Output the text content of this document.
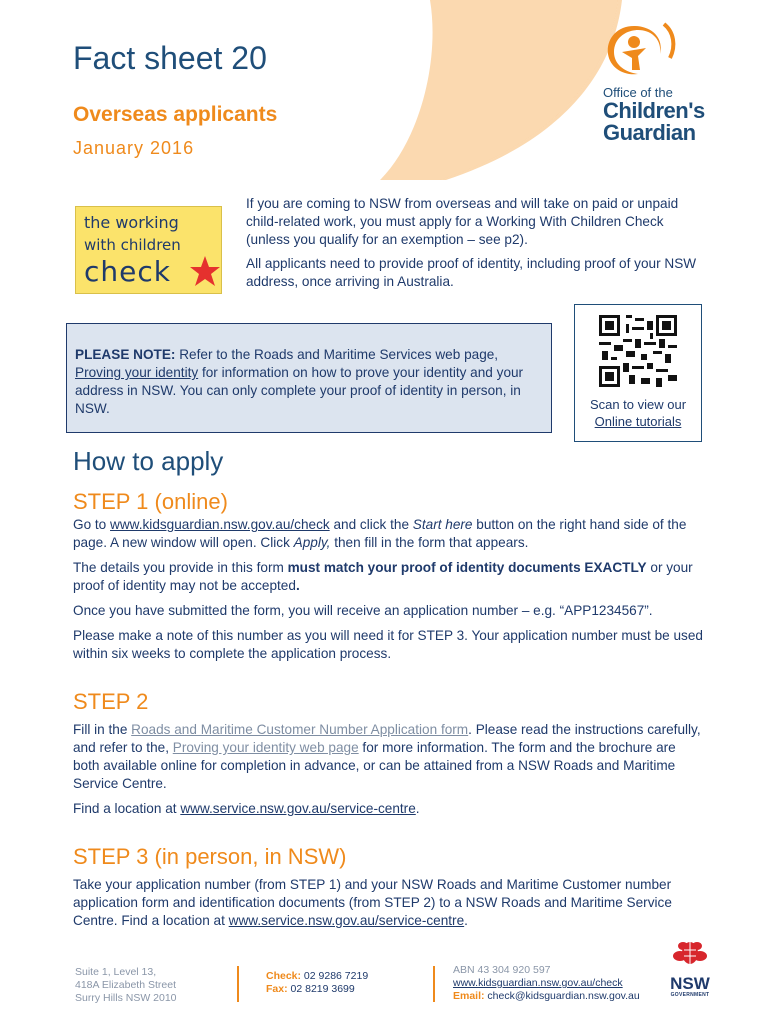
Fact sheet 20
Overseas applicants
January 2016
Office of the
Children's
Guardian
the working
with children
check

If you are coming to NSW from overseas and will take on paid or unpaid child-related work, you must apply for a Working With Children Check (unless you qualify for an exemption – see p2).

All applicants need to provide proof of identity, including proof of your NSW address, once arriving in Australia.

PLEASE NOTE: Refer to the Roads and Maritime Services web page, Proving your identity for information on how to prove your identity and your address in NSW. You can only complete your proof of identity in person, in NSW.	Scan to view our
Online tutorials
How to apply
STEP 1 (online)

Go to www.kidsguardian.nsw.gov.au/check and click the Start here button on the right hand side of the page. A new window will open. Click Apply, then fill in the form that appears.

The details you provide in this form must match your proof of identity documents EXACTLY or your proof of identity may not be accepted.

Once you have submitted the form, you will receive an application number – e.g. “APP1234567”.

Please make a note of this number as you will need it for STEP 3. Your application number must be used within six weeks to complete the application process.

STEP 2

Fill in the Roads and Maritime Customer Number Application form. Please read the instructions carefully, and refer to the, Proving your identity web page for more information. The form and the brochure are both available online for completion in advance, or can be attained from a NSW Roads and Maritime Service Centre.

Find a location at www.service.nsw.gov.au/service-centre.

STEP 3 (in person, in NSW)

Take your application number (from STEP 1) and your NSW Roads and Maritime Customer number application form and identification documents (from STEP 2) to a NSW Roads and Maritime Service Centre. Find a location at www.service.nsw.gov.au/service-centre.

Suite 1, Level 13,
418A Elizabeth Street
Surry Hills NSW 2010
Check: 02 9286 7219
Fax: 02 8219 3699
ABN 43 304 920 597
www.kidsguardian.nsw.gov.au/check
Email: check@kidsguardian.nsw.gov.au
NSW
GOVERNMENT
